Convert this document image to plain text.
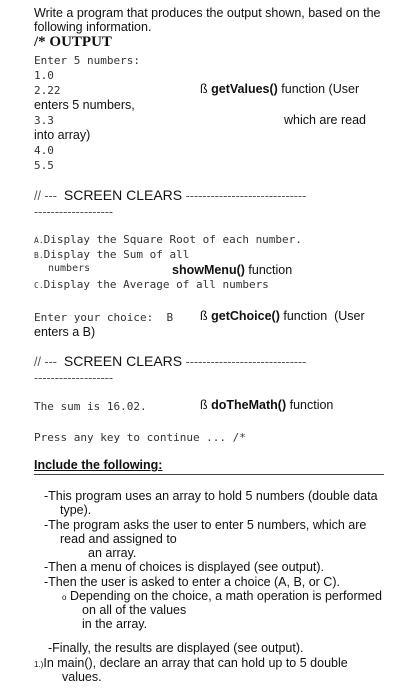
Write a program that produces the output shown, based on the
following information.
/* OUTPUT
Enter 5 numbers:
1.0
2.22
3.3
4.0
5.5
ß getValues() function (User
enters 5 numbers,
which are read
into array)
// --- SCREEN CLEARS -----------------------------
-------------------
A.Display the Square Root of each number.
B.Display the Sum of all
numbers	showMenu() function
C.Display the Average of all numbers
Enter your choice: B ß getChoice() function  (User
enters a B)
// --- SCREEN CLEARS -----------------------------
-------------------
The sum is 16.02.	ß doTheMath() function
Press any key to continue ... /*
Include the following:
-This program uses an array to hold 5 numbers (double data
type).
-The program asks the user to enter 5 numbers, which are
read and assigned to
an array.
-Then a menu of choices is displayed (see output).
-Then the user is asked to enter a choice (A, B, or C).
o Depending on the choice, a math operation is performed
on all of the values
in the array.
-Finally, the results are displayed (see output).
1.)In main(), declare an array that can hold up to 5 double
values.
